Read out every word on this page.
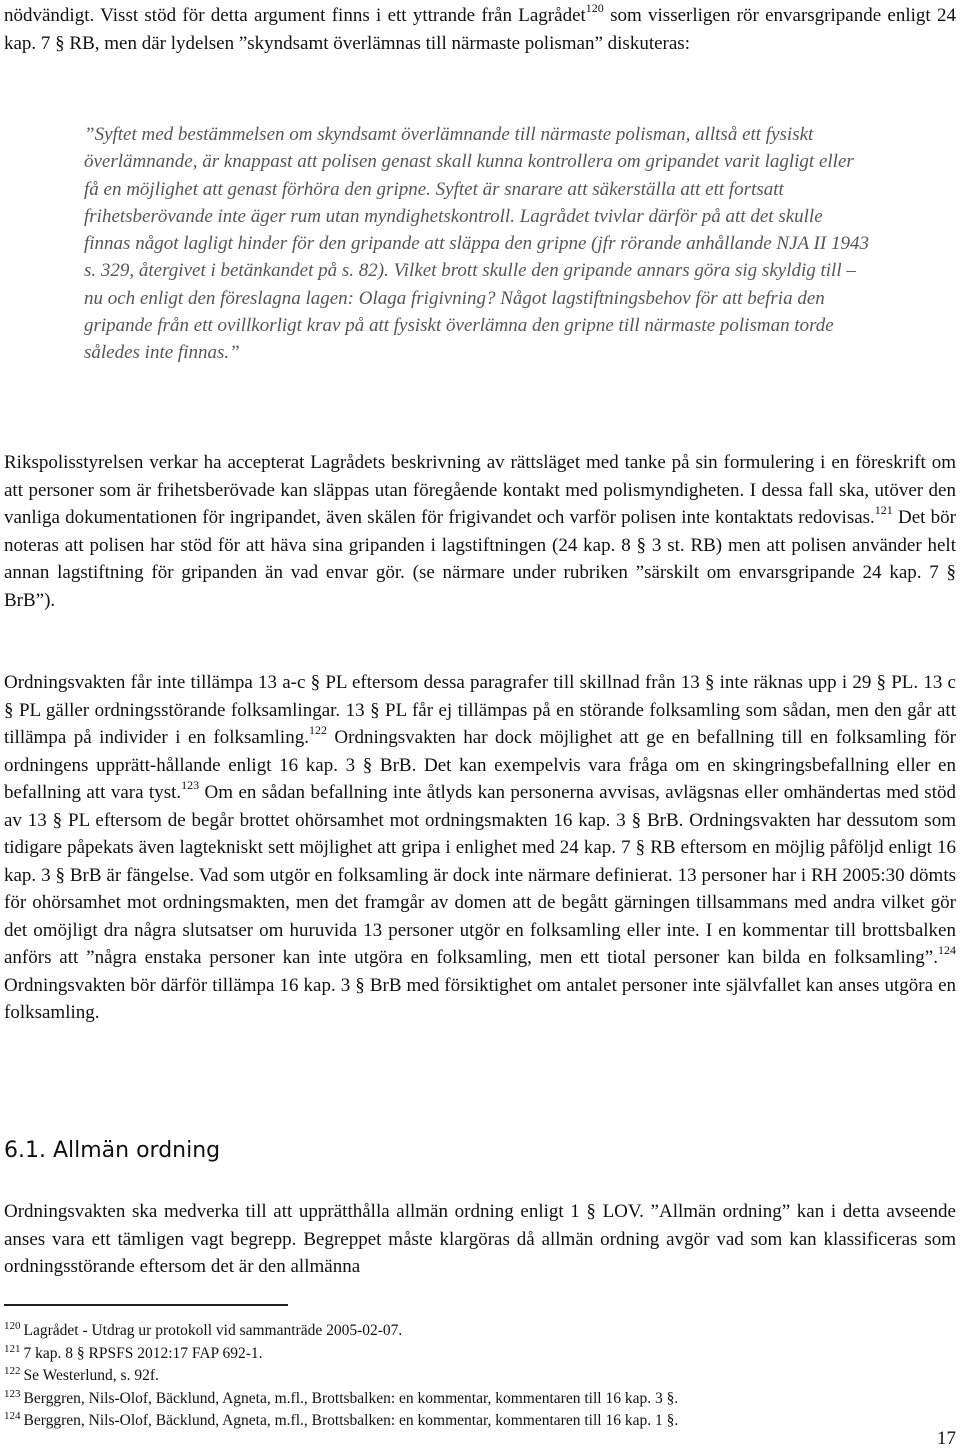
nödvändigt. Visst stöd för detta argument finns i ett yttrande från Lagrådet$^{120}$ som visserligen rör envarsgripande enligt 24 kap. 7 § RB, men där lydelsen ”skyndsamt överlämnas till närmaste polisman” diskuteras:

”Syftet med bestämmelsen om skyndsamt överlämnande till närmaste polisman, alltså ett fysiskt överlämnande, är knappast att polisen genast skall kunna kontrollera om gripandet varit lagligt eller få en möjlighet att genast förhöra den gripne. Syftet är snarare att säkerställa att ett fortsatt frihetsberövande inte äger rum utan myndighetskontroll. Lagrådet tvivlar därför på att det skulle finnas något lagligt hinder för den gripande att släppa den gripne (jfr rörande anhållande NJA II 1943 s. 329, återgivet i betänkandet på s. 82). Vilket brott skulle den gripande annars göra sig skyldig till – nu och enligt den föreslagna lagen: Olaga frigivning? Något lagstiftningsbehov för att befria den gripande från ett ovillkorligt krav på att fysiskt överlämna den gripne till närmaste polisman torde således inte finnas.”

Rikspolisstyrelsen verkar ha accepterat Lagrådets beskrivning av rättsläget med tanke på sin formulering i en föreskrift om att personer som är frihetsberövade kan släppas utan föregående kontakt med polismyndigheten. I dessa fall ska, utöver den vanliga dokumentationen för ingripandet, även skälen för frigivandet och varför polisen inte kontaktats redovisas.$^{121}$ Det bör noteras att polisen har stöd för att häva sina gripanden i lagstiftningen (24 kap. 8 § 3 st. RB) men att polisen använder helt annan lagstiftning för gripanden än vad envar gör. (se närmare under rubriken ”särskilt om envarsgripande 24 kap. 7 § BrB”).

Ordningsvakten får inte tillämpa 13 a-c § PL eftersom dessa paragrafer till skillnad från 13 § inte räknas upp i 29 § PL. 13 c § PL gäller ordningsstörande folksamlingar. 13 § PL får ej tillämpas på en störande folksamling som sådan, men den går att tillämpa på individer i en folksamling.$^{122}$ Ordningsvakten har dock möjlighet att ge en befallning till en folksamling för ordningens upprätt-hållande enligt 16 kap. 3 § BrB. Det kan exempelvis vara fråga om en skingringsbefallning eller en befallning att vara tyst.$^{123}$ Om en sådan befallning inte åtlyds kan personerna avvisas, avlägsnas eller omhändertas med stöd av 13 § PL eftersom de begår brottet ohörsamhet mot ordningsmakten 16 kap. 3 § BrB. Ordningsvakten har dessutom som tidigare påpekats även lagtekniskt sett möjlighet att gripa i enlighet med 24 kap. 7 § RB eftersom en möjlig påföljd enligt 16 kap. 3 § BrB är fängelse. Vad som utgör en folksamling är dock inte närmare definierat. 13 personer har i RH 2005:30 dömts för ohörsamhet mot ordningsmakten, men det framgår av domen att de begått gärningen tillsammans med andra vilket gör det omöjligt dra några slutsatser om huruvida 13 personer utgör en folksamling eller inte. I en kommentar till brottsbalken anförs att ”några enstaka personer kan inte utgöra en folksamling, men ett tiotal personer kan bilda en folksamling”.$^{124}$ Ordningsvakten bör därför tillämpa 16 kap. 3 § BrB med försiktighet om antalet personer inte självfallet kan anses utgöra en folksamling.

6.1. Allmän ordning

Ordningsvakten ska medverka till att upprätthålla allmän ordning enligt 1 § LOV. ”Allmän ordning” kan i detta avseende anses vara ett tämligen vagt begrepp. Begreppet måste klargöras då allmän ordning avgör vad som kan klassificeras som ordningsstörande eftersom det är den allmänna

$^{120}$ Lagrådet - Utdrag ur protokoll vid sammanträde 2005-02-07.
$^{121}$ 7 kap. 8 § RPSFS 2012:17 FAP 692-1.
$^{122}$ Se Westerlund, s. 92f.
$^{123}$ Berggren, Nils-Olof, Bäcklund, Agneta, m.fl., Brottsbalken: en kommentar, kommentaren till 16 kap. 3 §.
$^{124}$ Berggren, Nils-Olof, Bäcklund, Agneta, m.fl., Brottsbalken: en kommentar, kommentaren till 16 kap. 1 §.
17
